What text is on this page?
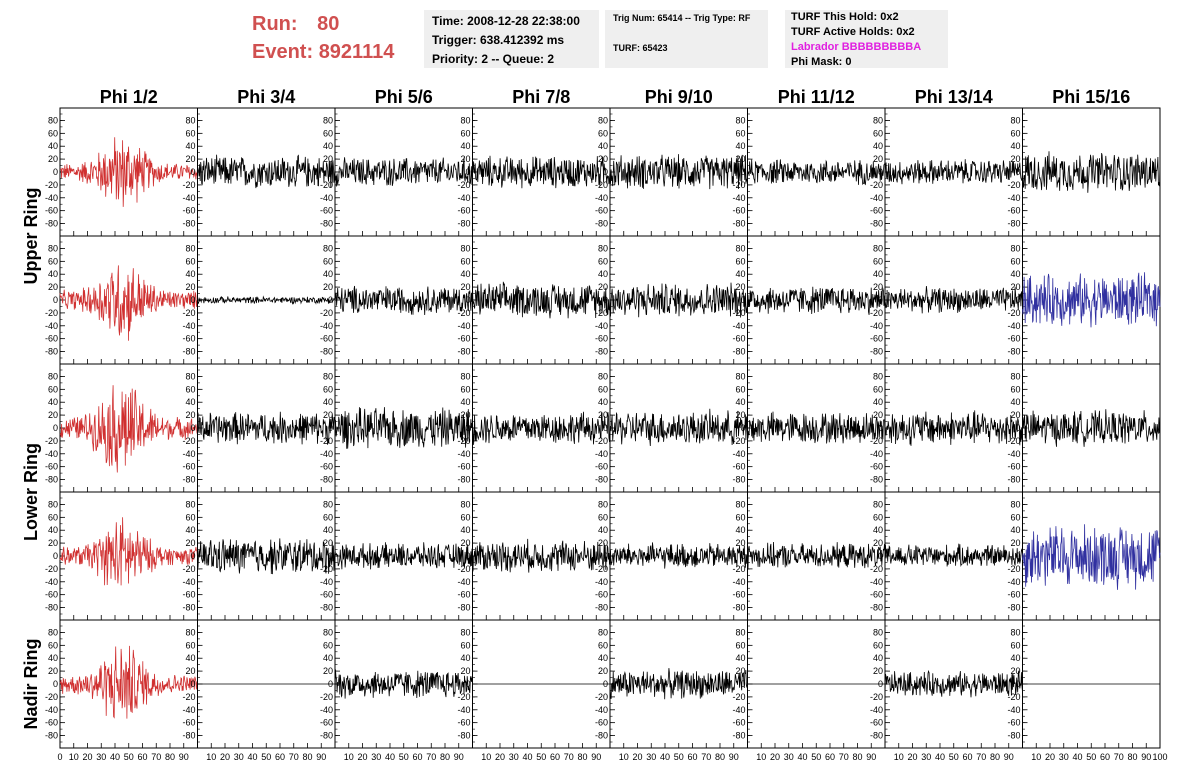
Run: 80
Event: 8921114
Time: 2008-12-28 22:38:00
Trigger: 638.412392 ms
Priority: 2 -- Queue: 2
Trig Num: 65414 -- Trig Type: RF
TURF: 65423
TURF This Hold: 0x2
TURF Active Holds: 0x2
Labrador BBBBBBBBBA
Phi Mask: 0
Phi 1/2	Phi 3/4	Phi 5/6	Phi 7/8	Phi 9/10	Phi 11/12	Phi 13/14	Phi 15/16
Upper Ring
Lower Ring
Nadir Ring
80
60
40
20
0
-20
-40
-60
-80
80
60
40
20
0
-20
-40
-60
-80
80
60
40
20
0
-20
-40
-60
-80
80
60
40
20
0
-20
-40
-60
-80
80
60
40
20
0
-20
-40
-60
-80
80
60
40
20
0
-20
-40
-60
-80
80
60
40
20
0
-20
-40
-60
-80
80
60
40
20
0
-20
-40
-60
-80
80
60
40
20
0
-20
-40
-60
-80
80
60
40
20
0
-20
-40
-60
-80
80
60
40
20
0
-20
-40
-60
-80
80
60
40
20
0
-20
-40
-60
-80
80
60
40
20
0
-20
-40
-60
-80
80
60
40
20
0
-20
-40
-60
-80
80
60
40
20
0
-20
-40
-60
-80
80
60
40
20
0
-20
-40
-60
-80
80
60
40
20
0
-20
-40
-60
-80
80
60
40
20
0
-20
-40
-60
-80
80
60
40
20
0
-20
-40
-60
-80
80
60
40
20
0
-20
-40
-60
-80
80
60
40
20
0
-20
-40
-60
-80
80
60
40
20
0
-20
-40
-60
-80
80
60
40
20
0
-20
-40
-60
-80
80
60
40
20
0
-20
-40
-60
-80
80
60
40
20
0
-20
-40
-60
-80
80
60
40
20
0
-20
-40
-60
-80
80
60
40
20
0
-20
-40
-60
-80
80
60
40
20
0
-20
-40
-60
-80
80
60
40
20
0
-20
-40
-60
-80
80
60
40
20
0
-20
-40
-60
-80
80
60
40
20
0
-20
-40
-60
-80
80
60
40
20
0
-20
-40
-60
-80
80
60
40
20
0
-20
-40
-60
-80
0 10 20 30 40 50 60 70 80 90
80
60
40
20
0
-20
-40
-60
-80
10 20 30 40 50 60 70 80 90
80
60
40
20
0
-20
-40
-60
-80
10 20 30 40 50 60 70 80 90
80
60
40
20
0
-20
-40
-60
-80
10 20 30 40 50 60 70 80 90
80
60
40
20
0
-20
-40
-60
-80
10 20 30 40 50 60 70 80 90
80
60
40
20
0
-20
-40
-60
-80
10 20 30 40 50 60 70 80 90
80
60
40
20
0
-20
-40
-60
-80
10 20 30 40 50 60 70 80 90
80
60
40
20
0
-20
-40
-60
-80
10 20 30 40 50 60 70 80 90 100
